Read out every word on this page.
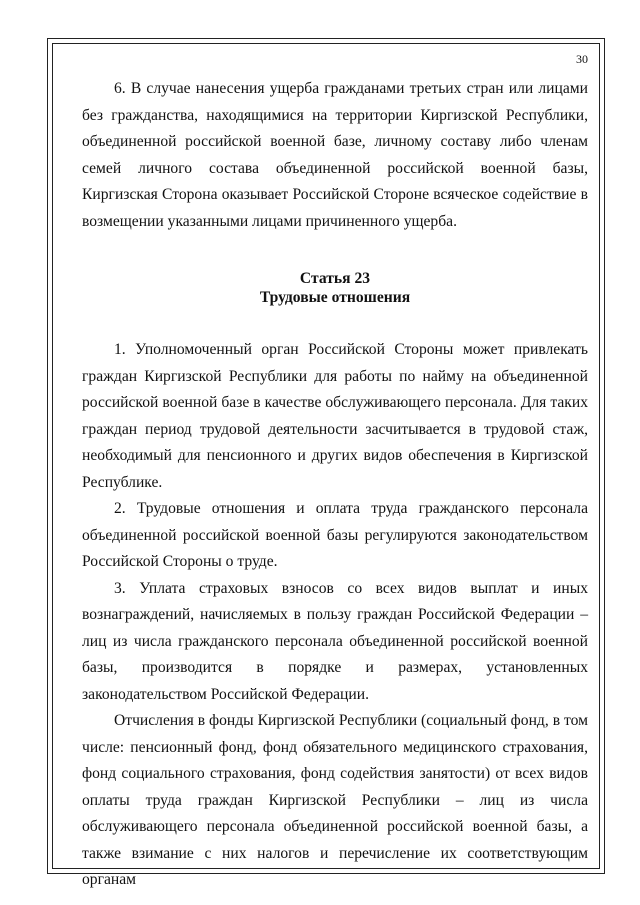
30

6. В случае нанесения ущерба гражданами третьих стран или лицами без гражданства, находящимися на территории Киргизской Республики, объединенной российской военной базе, личному составу либо членам семей личного состава объединенной российской военной базы, Киргизская Сторона оказывает Российской Стороне всяческое содействие в возмещении указанными лицами причиненного ущерба.

Статья 23

Трудовые отношения

1. Уполномоченный орган Российской Стороны может привлекать граждан Киргизской Республики для работы по найму на объединенной российской военной базе в качестве обслуживающего персонала. Для таких граждан период трудовой деятельности засчитывается в трудовой стаж, необходимый для пенсионного и других видов обеспечения в Киргизской Республике.

2. Трудовые отношения и оплата труда гражданского персонала объединенной российской военной базы регулируются законодательством Российской Стороны о труде.

3. Уплата страховых взносов со всех видов выплат и иных вознаграждений, начисляемых в пользу граждан Российской Федерации – лиц из числа гражданского персонала объединенной российской военной базы, производится в порядке и размерах, установленных законодательством Российской Федерации.

Отчисления в фонды Киргизской Республики (социальный фонд, в том числе: пенсионный фонд, фонд обязательного медицинского страхования, фонд социального страхования, фонд содействия занятости) от всех видов оплаты труда граждан Киргизской Республики – лиц из числа обслуживающего персонала объединенной российской военной базы, а также взимание с них налогов и перечисление их соответствующим органам
